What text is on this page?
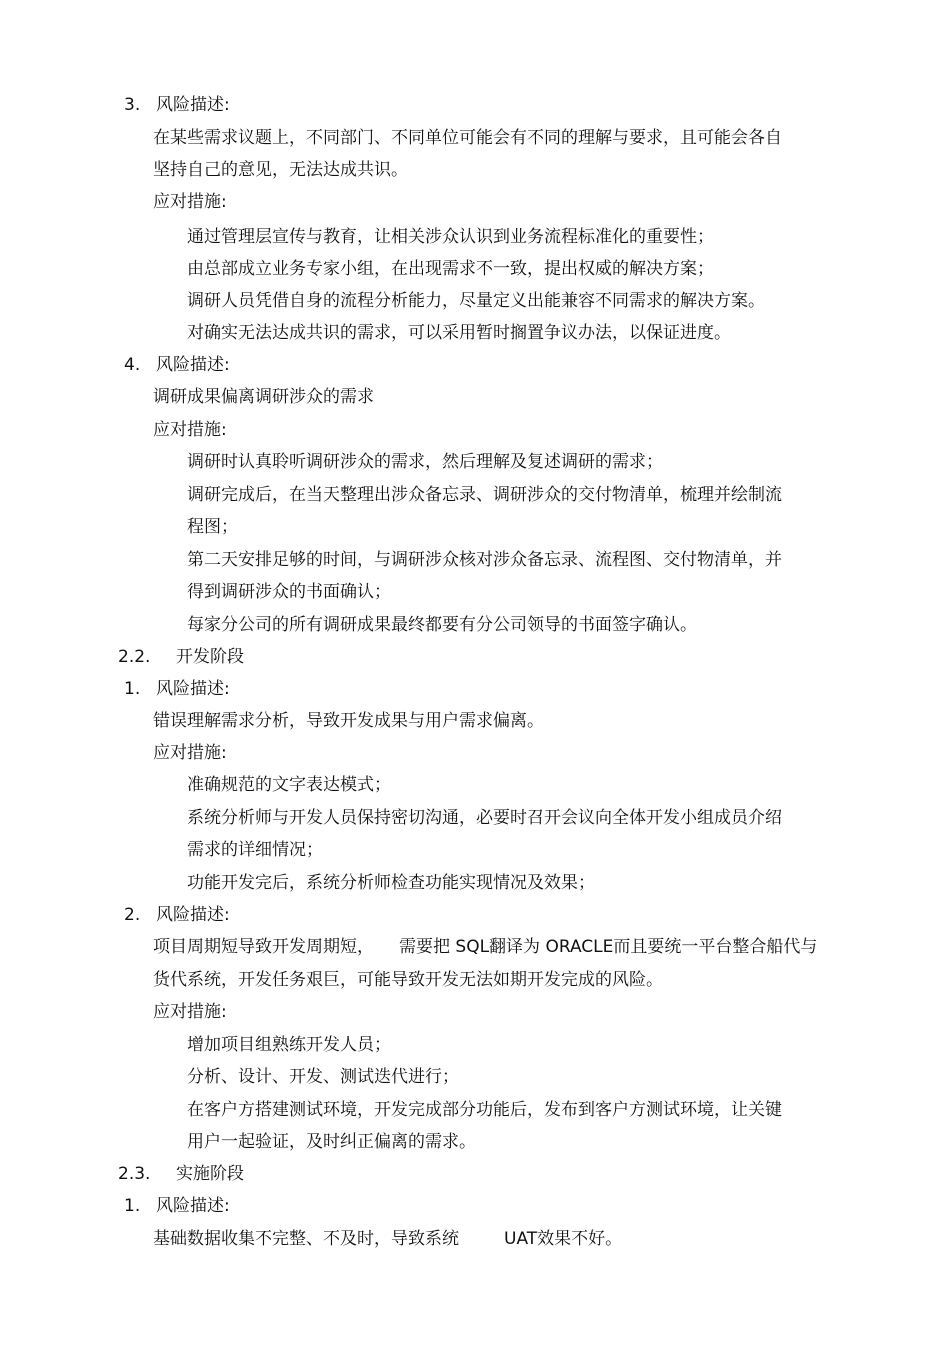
3. 风险描述:
在某些需求议题上，不同部门、不同单位可能会有不同的理解与要求，且可能会各自
坚持自己的意见，无法达成共识。
应对措施:
通过管理层宣传与教育，让相关涉众认识到业务流程标准化的重要性；
由总部成立业务专家小组，在出现需求不一致，提出权威的解决方案；
调研人员凭借自身的流程分析能力，尽量定义出能兼容不同需求的解决方案。
对确实无法达成共识的需求，可以采用暂时搁置争议办法，以保证进度。
4. 风险描述:
调研成果偏离调研涉众的需求
应对措施:
调研时认真聆听调研涉众的需求，然后理解及复述调研的需求；
调研完成后，在当天整理出涉众备忘录、调研涉众的交付物清单，梳理并绘制流
程图；
第二天安排足够的时间，与调研涉众核对涉众备忘录、流程图、交付物清单，并
得到调研涉众的书面确认；
每家分公司的所有调研成果最终都要有分公司领导的书面签字确认。
2.2. 开发阶段
1. 风险描述:
错误理解需求分析，导致开发成果与用户需求偏离。
应对措施:
准确规范的文字表达模式；
系统分析师与开发人员保持密切沟通，必要时召开会议向全体开发小组成员介绍
需求的详细情况；
功能开发完后，系统分析师检查功能实现情况及效果；
2. 风险描述:
项目周期短导致开发周期短， 需要把 SQL翻译为 ORACLE而且要统一平台整合船代与
货代系统，开发任务艰巨，可能导致开发无法如期开发完成的风险。
应对措施:
增加项目组熟练开发人员；
分析、设计、开发、测试迭代进行；
在客户方搭建测试环境，开发完成部分功能后，发布到客户方测试环境，让关键
用户一起验证，及时纠正偏离的需求。
2.3. 实施阶段
1. 风险描述:
基础数据收集不完整、不及时，导致系统	UAT效果不好。
